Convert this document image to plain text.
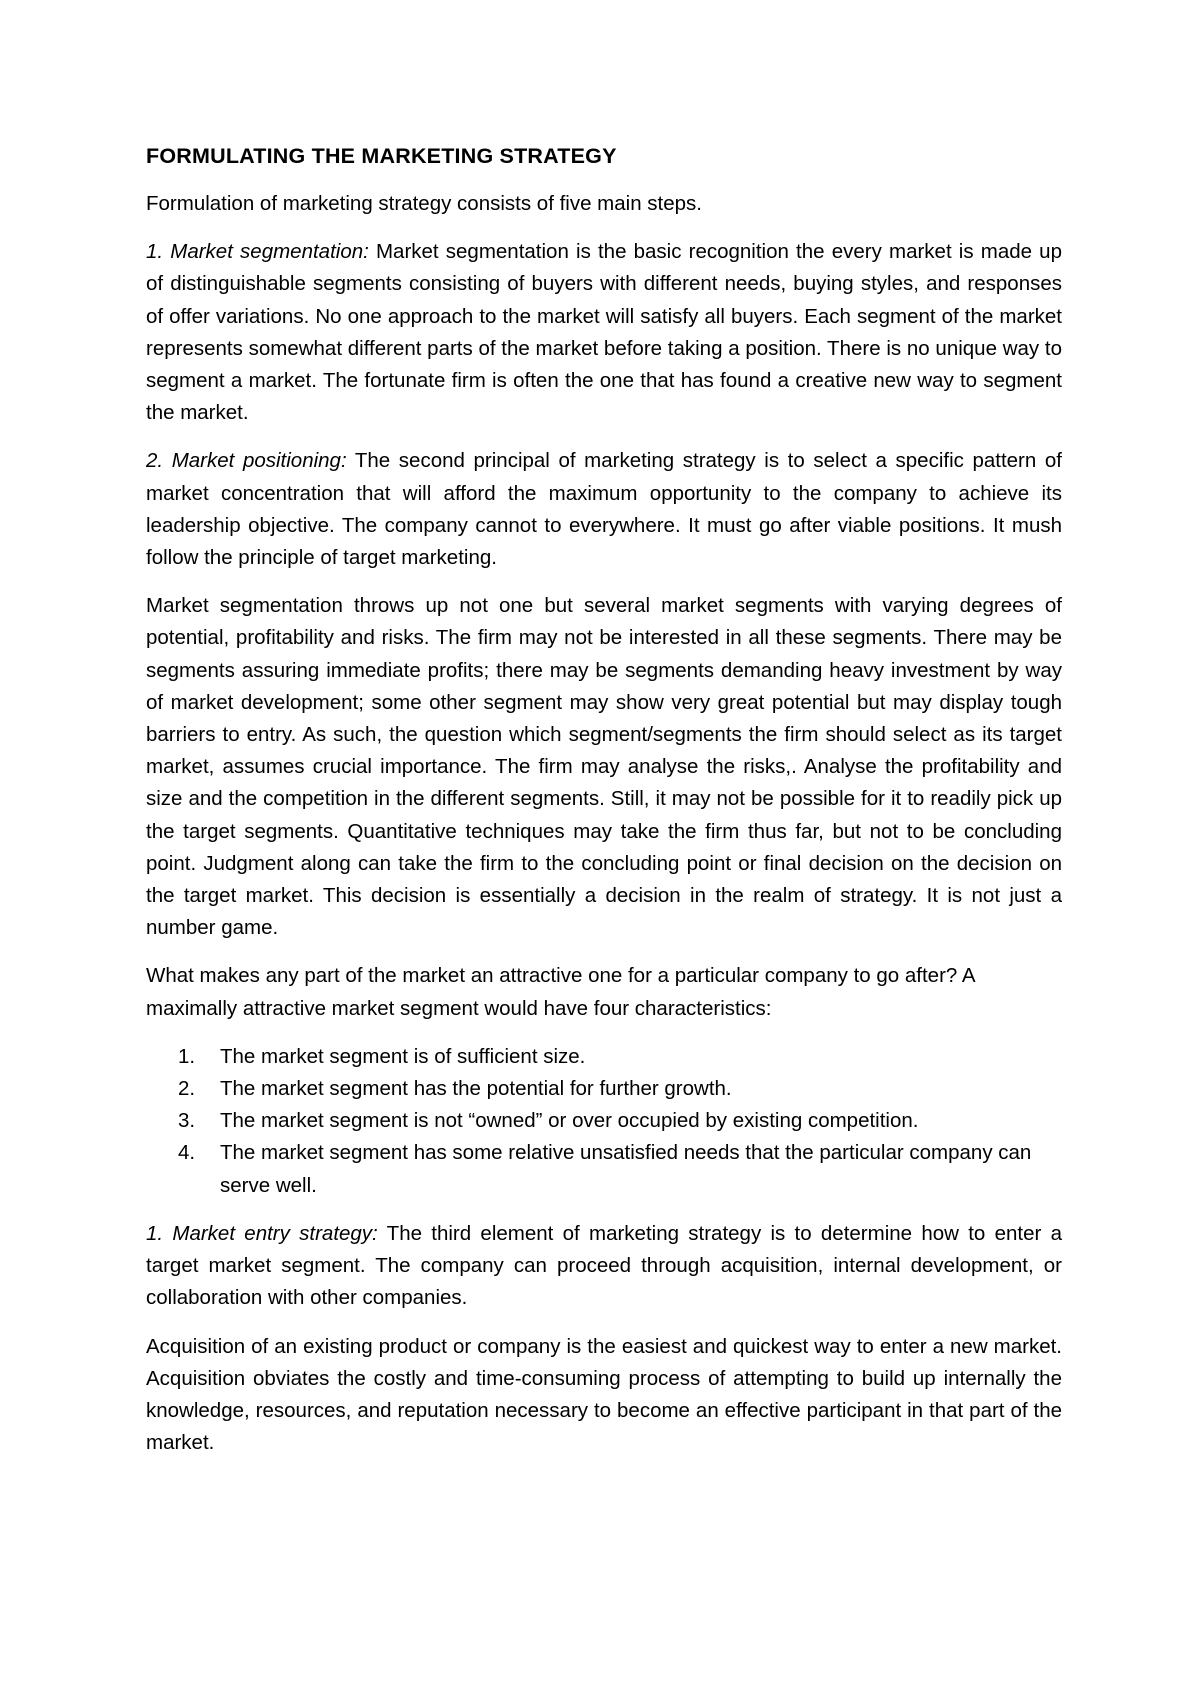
FORMULATING THE MARKETING STRATEGY

Formulation of marketing strategy consists of five main steps.

1. Market segmentation: Market segmentation is the basic recognition the every market is made up of distinguishable segments consisting of buyers with different needs, buying styles, and responses of offer variations. No one approach to the market will satisfy all buyers. Each segment of the market represents somewhat different parts of the market before taking a position. There is no unique way to segment a market. The fortunate firm is often the one that has found a creative new way to segment the market.

2. Market positioning: The second principal of marketing strategy is to select a specific pattern of market concentration that will afford the maximum opportunity to the company to achieve its leadership objective. The company cannot to everywhere. It must go after viable positions. It mush follow the principle of target marketing.

Market segmentation throws up not one but several market segments with varying degrees of potential, profitability and risks. The firm may not be interested in all these segments. There may be segments assuring immediate profits; there may be segments demanding heavy investment by way of market development; some other segment may show very great potential but may display tough barriers to entry. As such, the question which segment/segments the firm should select as its target market, assumes crucial importance. The firm may analyse the risks,. Analyse the profitability and size and the competition in the different segments. Still, it may not be possible for it to readily pick up the target segments. Quantitative techniques may take the firm thus far, but not to be concluding point. Judgment along can take the firm to the concluding point or final decision on the decision on the target market. This decision is essentially a decision in the realm of strategy. It is not just a number game.

What makes any part of the market an attractive one for a particular company to go after? A maximally attractive market segment would have four characteristics:

1. The market segment is of sufficient size.
2. The market segment has the potential for further growth.
3. The market segment is not “owned” or over occupied by existing competition.
4. The market segment has some relative unsatisfied needs that the particular company can serve well.

1. Market entry strategy: The third element of marketing strategy is to determine how to enter a target market segment. The company can proceed through acquisition, internal development, or collaboration with other companies.

Acquisition of an existing product or company is the easiest and quickest way to enter a new market. Acquisition obviates the costly and time-consuming process of attempting to build up internally the knowledge, resources, and reputation necessary to become an effective participant in that part of the market.
